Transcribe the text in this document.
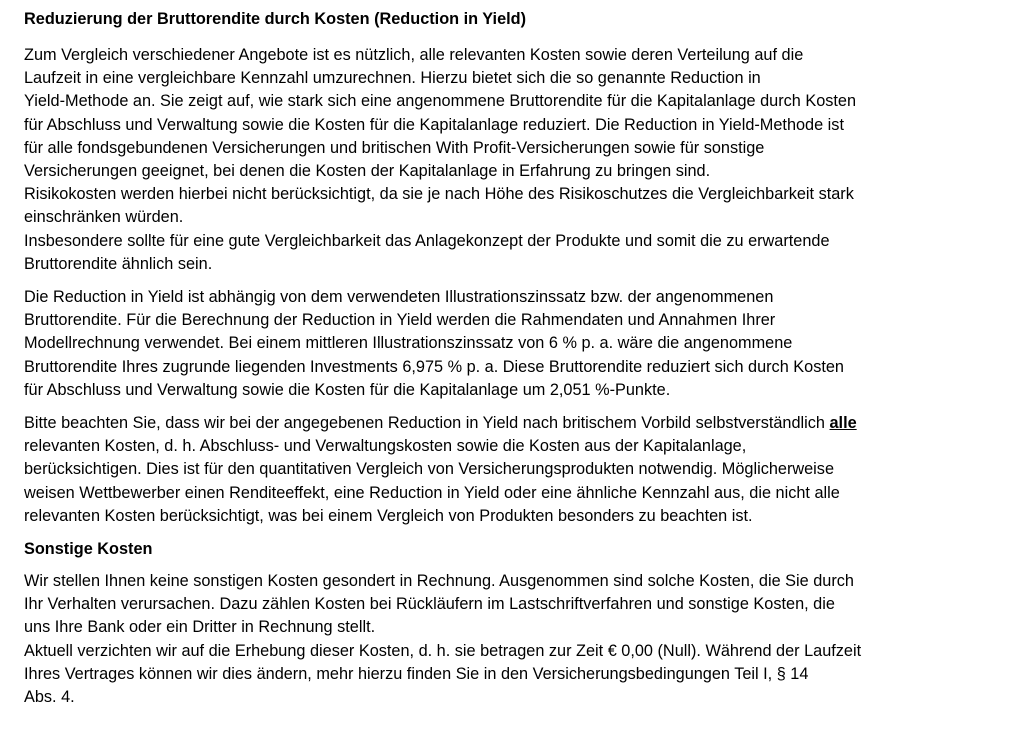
Reduzierung der Bruttorendite durch Kosten (Reduction in Yield)

Zum Vergleich verschiedener Angebote ist es nützlich, alle relevanten Kosten sowie deren Verteilung auf die
Laufzeit in eine vergleichbare Kennzahl umzurechnen. Hierzu bietet sich die so genannte Reduction in
Yield-Methode an. Sie zeigt auf, wie stark sich eine angenommene Bruttorendite für die Kapitalanlage durch Kosten
für Abschluss und Verwaltung sowie die Kosten für die Kapitalanlage reduziert. Die Reduction in Yield-Methode ist
für alle fondsgebundenen Versicherungen und britischen With Profit-Versicherungen sowie für sonstige
Versicherungen geeignet, bei denen die Kosten der Kapitalanlage in Erfahrung zu bringen sind.
Risikokosten werden hierbei nicht berücksichtigt, da sie je nach Höhe des Risikoschutzes die Vergleichbarkeit stark
einschränken würden.
Insbesondere sollte für eine gute Vergleichbarkeit das Anlagekonzept der Produkte und somit die zu erwartende
Bruttorendite ähnlich sein.

Die Reduction in Yield ist abhängig von dem verwendeten Illustrationszinssatz bzw. der angenommenen
Bruttorendite. Für die Berechnung der Reduction in Yield werden die Rahmendaten und Annahmen Ihrer
Modellrechnung verwendet. Bei einem mittleren Illustrationszinssatz von 6 % p. a. wäre die angenommene
Bruttorendite Ihres zugrunde liegenden Investments 6,975 % p. a. Diese Bruttorendite reduziert sich durch Kosten
für Abschluss und Verwaltung sowie die Kosten für die Kapitalanlage um 2,051 %-Punkte.

Bitte beachten Sie, dass wir bei der angegebenen Reduction in Yield nach britischem Vorbild selbstverständlich alle
relevanten Kosten, d. h. Abschluss- und Verwaltungskosten sowie die Kosten aus der Kapitalanlage,
berücksichtigen. Dies ist für den quantitativen Vergleich von Versicherungsprodukten notwendig. Möglicherweise
weisen Wettbewerber einen Renditeeffekt, eine Reduction in Yield oder eine ähnliche Kennzahl aus, die nicht alle
relevanten Kosten berücksichtigt, was bei einem Vergleich von Produkten besonders zu beachten ist.

Sonstige Kosten

Wir stellen Ihnen keine sonstigen Kosten gesondert in Rechnung. Ausgenommen sind solche Kosten, die Sie durch
Ihr Verhalten verursachen. Dazu zählen Kosten bei Rückläufern im Lastschriftverfahren und sonstige Kosten, die
uns Ihre Bank oder ein Dritter in Rechnung stellt.
Aktuell verzichten wir auf die Erhebung dieser Kosten, d. h. sie betragen zur Zeit € 0,00 (Null). Während der Laufzeit
Ihres Vertrages können wir dies ändern, mehr hierzu finden Sie in den Versicherungsbedingungen Teil I, § 14
Abs. 4.
